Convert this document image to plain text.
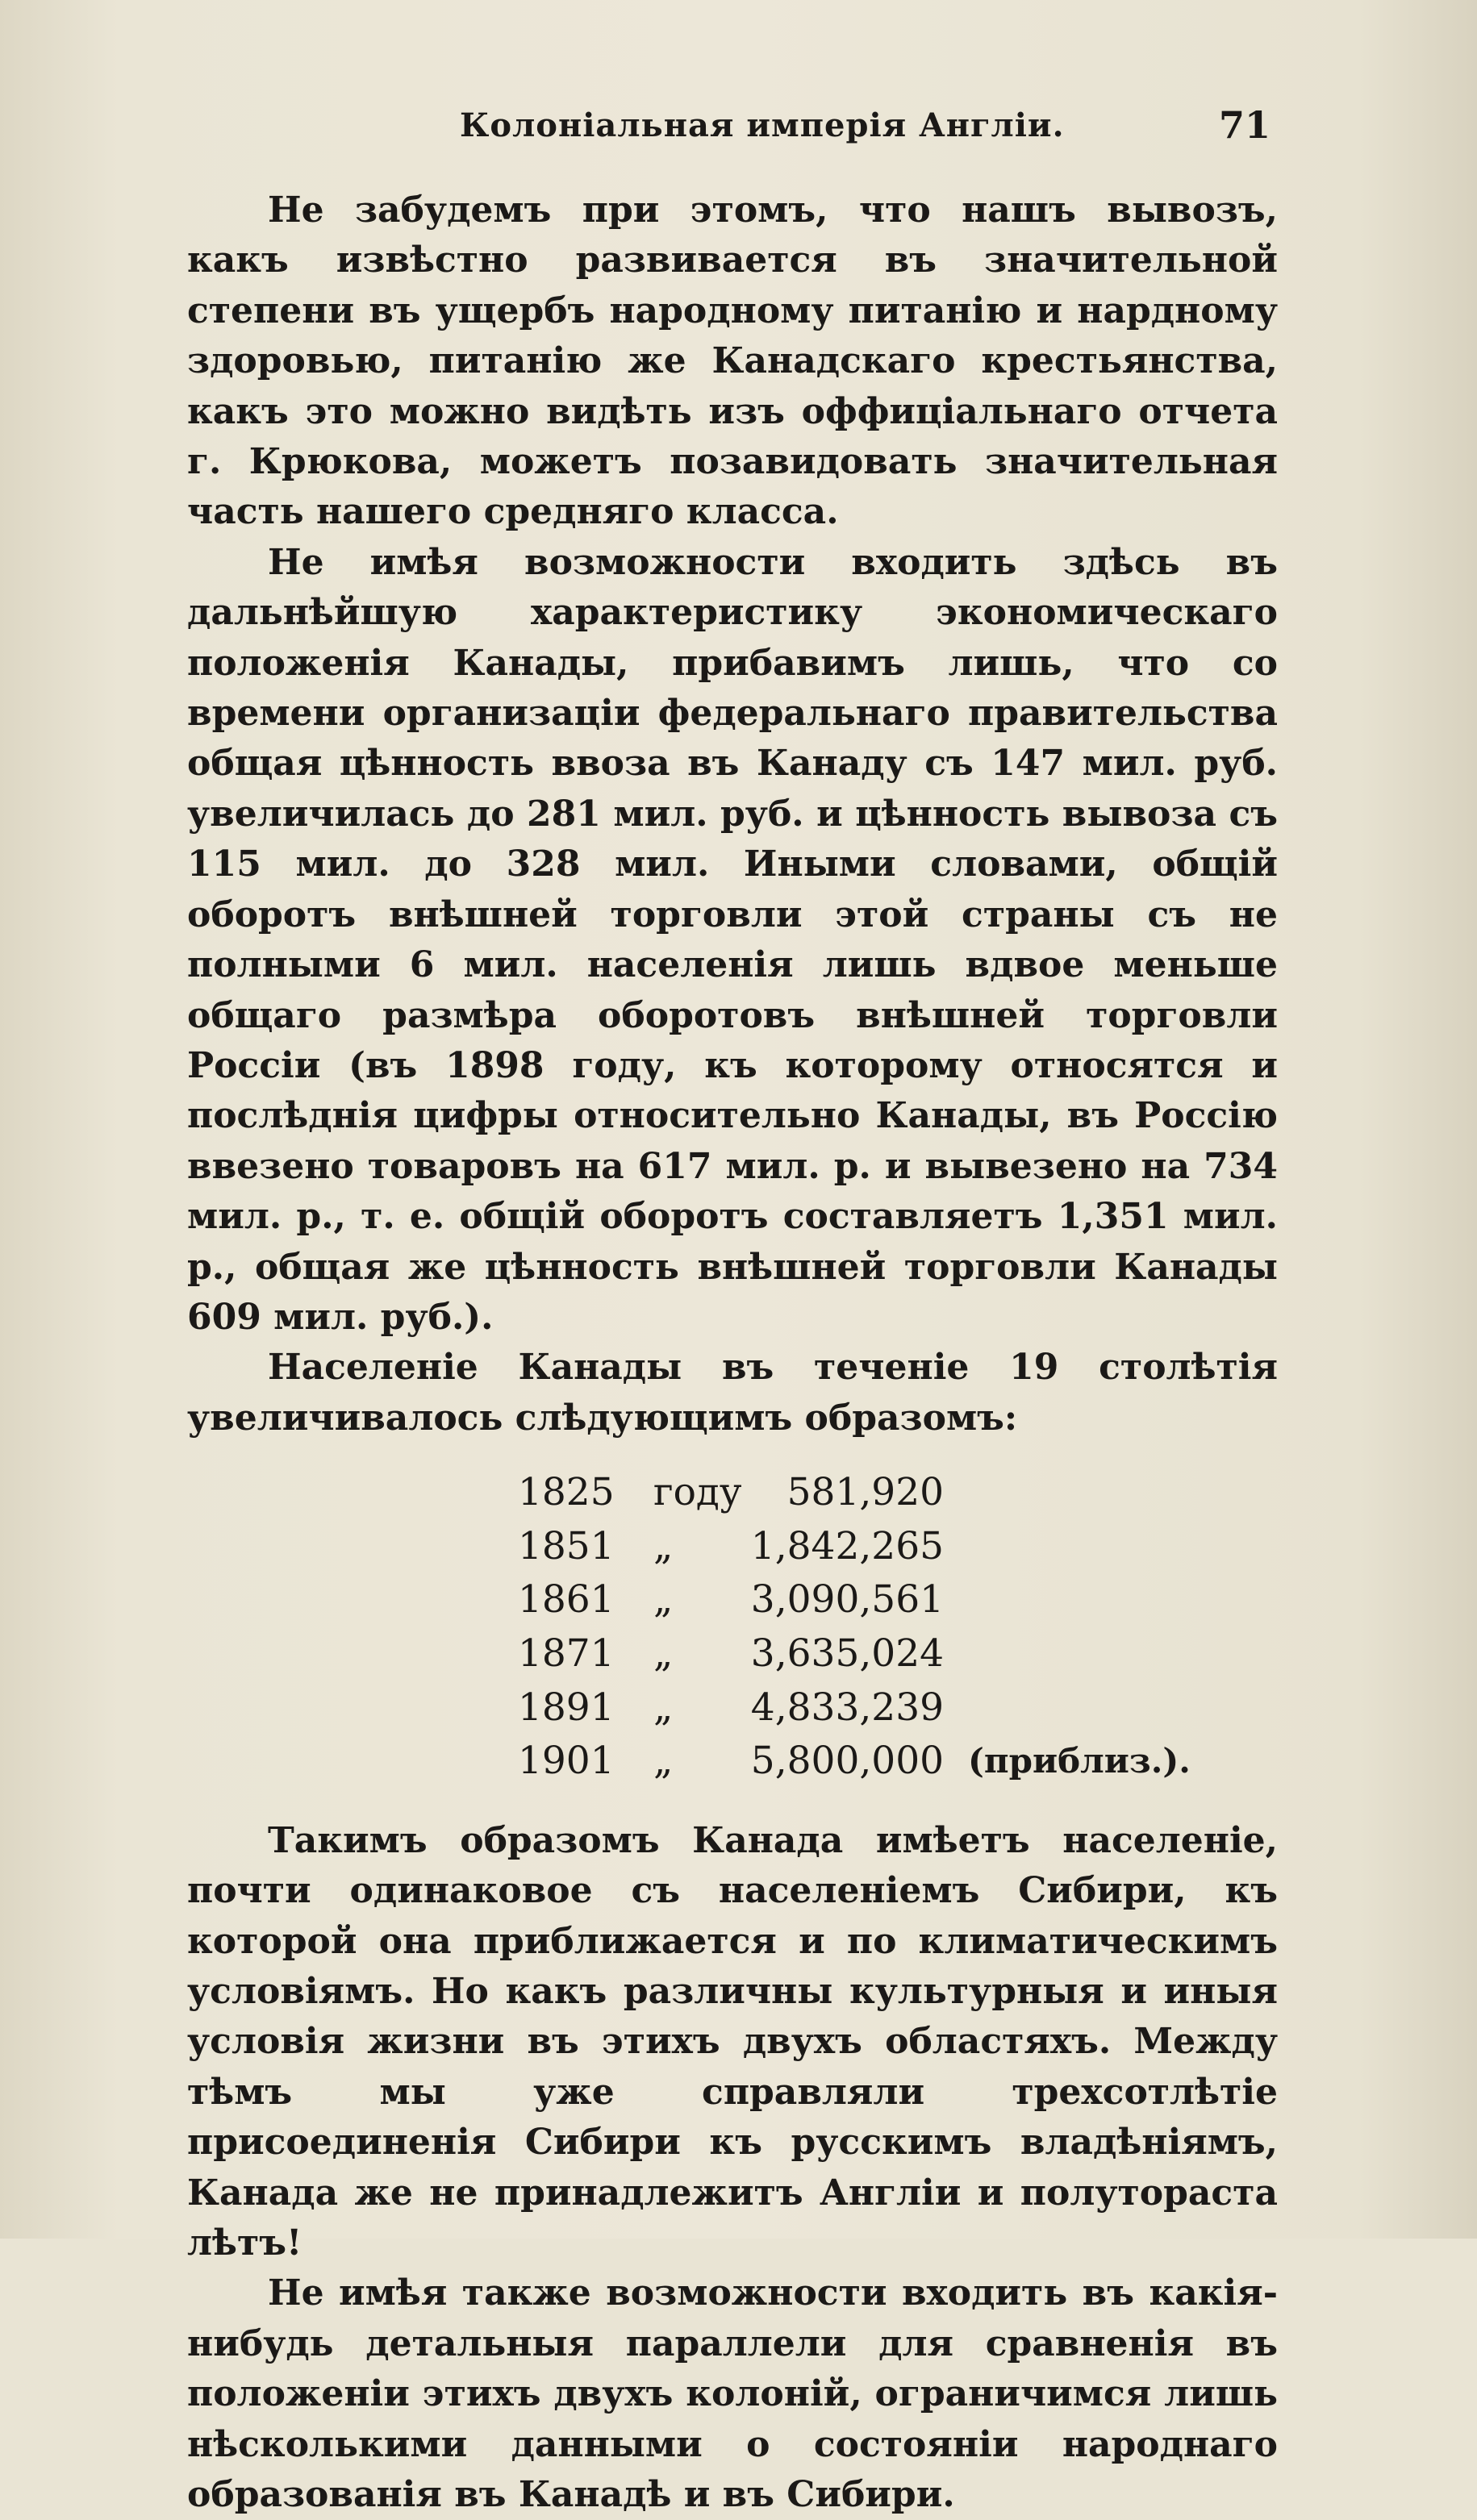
Колоніальная имперія Англіи.	71

Не забудемъ при этомъ, что нашъ вывозъ, какъ извѣстно развивается въ значительной степени въ ущербъ народному питанію и нардному здоровью, питанію же Канадскаго крестьянства, какъ это можно видѣть изъ оффиціальнаго отчета г. Крюкова, можетъ позавидовать значительная часть нашего средняго класса.

Не имѣя возможности входить здѣсь въ дальнѣйшую характеристику экономическаго положенія Канады, прибавимъ лишь, что со времени организаціи федеральнаго правительства общая цѣнность ввоза въ Канаду съ 147 мил. руб. увеличилась до 281 мил. руб. и цѣнность вывоза съ 115 мил. до 328 мил. Иными словами, общій оборотъ внѣшней торговли этой страны съ не полными 6 мил. населенія лишь вдвое меньше общаго размѣра оборотовъ внѣшней торговли Россіи (въ 1898 году, къ которому относятся и послѣднія цифры относительно Канады, въ Россію ввезено товаровъ на 617 мил. р. и вывезено на 734 мил. р., т. е. общій оборотъ составляетъ 1,351 мил. р., общая же цѣнность внѣшней торговли Канады 609 мил. руб.).

Населеніе Канады въ теченіе 19 столѣтія увеличивалось слѣдующимъ образомъ:

1825	году	581,920	
1851	„	1,842,265	
1861	„	3,090,561	
1871	„	3,635,024	
1891	„	4,833,239	
1901	„	5,800,000	(приблиз.).

Такимъ образомъ Канада имѣетъ населеніе, почти одинаковое съ населеніемъ Сибири, къ которой она приближается и по климатическимъ условіямъ. Но какъ различны культурныя и иныя условія жизни въ этихъ двухъ областяхъ. Между тѣмъ мы уже справляли трехсотлѣтіе присоединенія Сибири къ русскимъ владѣніямъ, Канада же не принадлежитъ Англіи и полутораста лѣтъ!

Не имѣя также возможности входить въ какія-нибудь детальныя параллели для сравненія въ положеніи этихъ двухъ колоній, ограничимся лишь нѣсколькими данными о состояніи народнаго образованія въ Канадѣ и въ Сибири.
